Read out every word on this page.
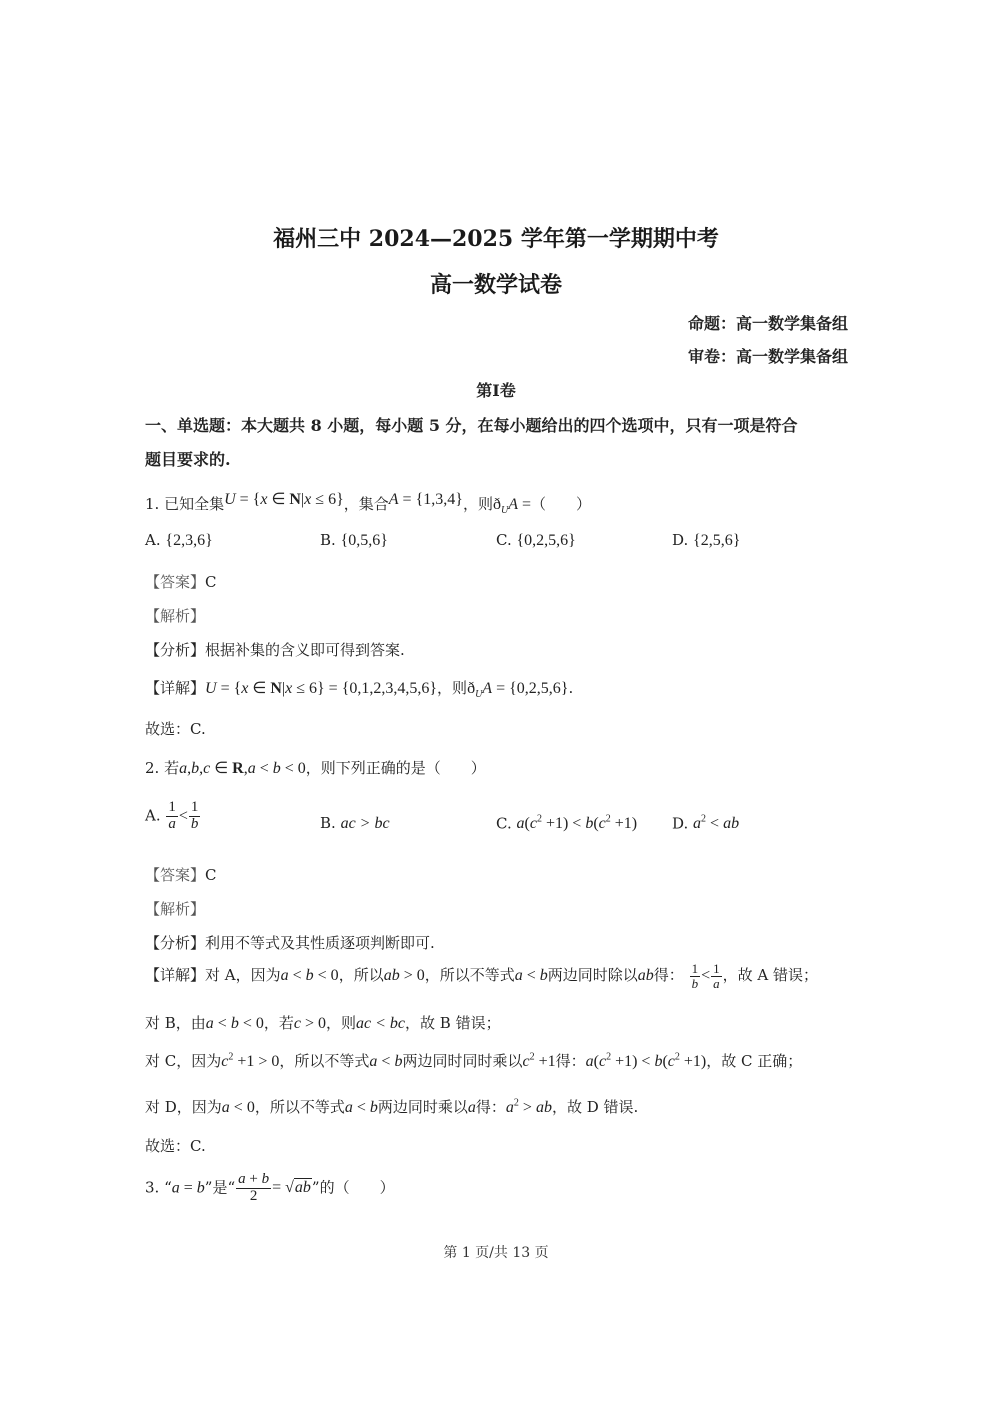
福州三中 2024—2025 学年第一学期期中考
高一数学试卷
命题：高一数学集备组
审卷：高一数学集备组
第Ⅰ卷
一、单选题：本大题共 8 小题，每小题 5 分，在每小题给出的四个选项中，只有一项是符合
题目要求的.
1. 已知全集U = {x ∈ N|x ≤ 6}，集合A = {1,3,4}，则$ð_UA$ =（　　）
A. {2,3,6}	B. {0,5,6}	C. {0,2,5,6}	D. {2,5,6}
【答案】C
【解析】
【分析】根据补集的含义即可得到答案.
【详解】U = {x ∈ N|x ≤ 6} = {0,1,2,3,4,5,6}，则$ð_UA = \{0,2,5,6\}$.
故选：C.
2. 若a,b,c ∈ R,a < b < 0，则下列正确的是（　　）
A. $\frac{1}{a} < \frac{1}{b}$	B. ac > bc	C. $a(c^2 +1) < b(c^2 +1)$ D. $a^2$ < ab
【答案】C
【解析】
【分析】利用不等式及其性质逐项判断即可.
【详解】对 A，因为a < b < 0，所以ab > 0，所以不等式a < b两边同时除以ab得： $\frac{1}{b} < \frac{1}{a}$ ，故 A 错误；
对 B，由a < b < 0，若c > 0，则ac < bc，故 B 错误；
对 C，因为$c^2 +1 > 0$，所以不等式a < b两边同时同时乘以$c^2 +1$得：$a(c^2 +1) < b(c^2 +1)$，故 C 正确；
对 D，因为a < 0，所以不等式a < b两边同时乘以a得：$a^2$ > ab，故 D 错误.
故选：C.
3. “a = b”是“ $\frac{a + b}{2} = √ab$”的（　　）
第 1 页/共 13 页
